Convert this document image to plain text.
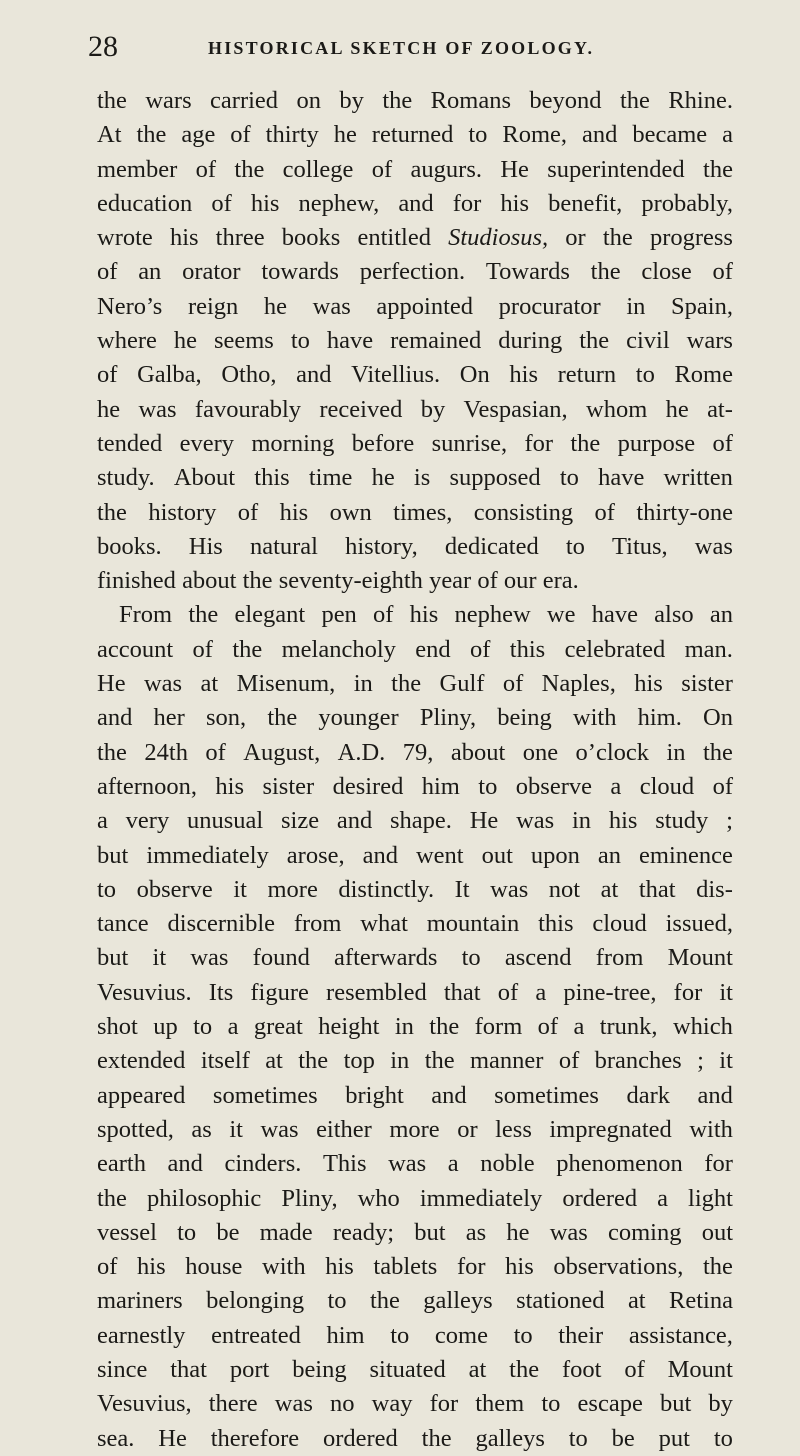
28	HISTORICAL SKETCH OF ZOOLOGY.
the wars carried on by the Romans beyond the Rhine.
At the age of thirty he returned to Rome, and became a
member of the college of augurs. He superintended the
education of his nephew, and for his benefit, probably,
wrote his three books entitled Studiosus, or the progress
of an orator towards perfection. Towards the close of
Nero’s reign he was appointed procurator in Spain,
where he seems to have remained during the civil wars
of Galba, Otho, and Vitellius. On his return to Rome
he was favourably received by Vespasian, whom he at-
tended every morning before sunrise, for the purpose of
study. About this time he is supposed to have written
the history of his own times, consisting of thirty-one
books. His natural history, dedicated to Titus, was
finished
about
the
seventy-eighth
year
of
our
era.
From the elegant pen of his nephew we have also an
account of the melancholy end of this celebrated man.
He was at Misenum, in the Gulf of Naples, his sister
and her son, the younger Pliny, being with him. On
the 24th of August, A.D. 79, about one o’clock in the
afternoon, his sister desired him to observe a cloud of
a very unusual size and shape. He was in his study ;
but immediately arose, and went out upon an eminence
to observe it more distinctly. It was not at that dis-
tance discernible from what mountain this cloud issued,
but it was found afterwards to ascend from Mount
Vesuvius. Its figure resembled that of a pine-tree, for it
shot up to a great height in the form of a trunk, which
extended itself at the top in the manner of branches ; it
appeared sometimes bright and sometimes dark and
spotted, as it was either more or less impregnated with
earth and cinders. This was a noble phenomenon for
the philosophic Pliny, who immediately ordered a light
vessel to be made ready; but as he was coming out
of his house with his tablets for his observations, the
mariners belonging to the galleys stationed at Retina
earnestly entreated him to come to their assistance,
since that port being situated at the foot of Mount
Vesuvius, there was no way for them to escape but by
sea. He therefore ordered the galleys to be put to
